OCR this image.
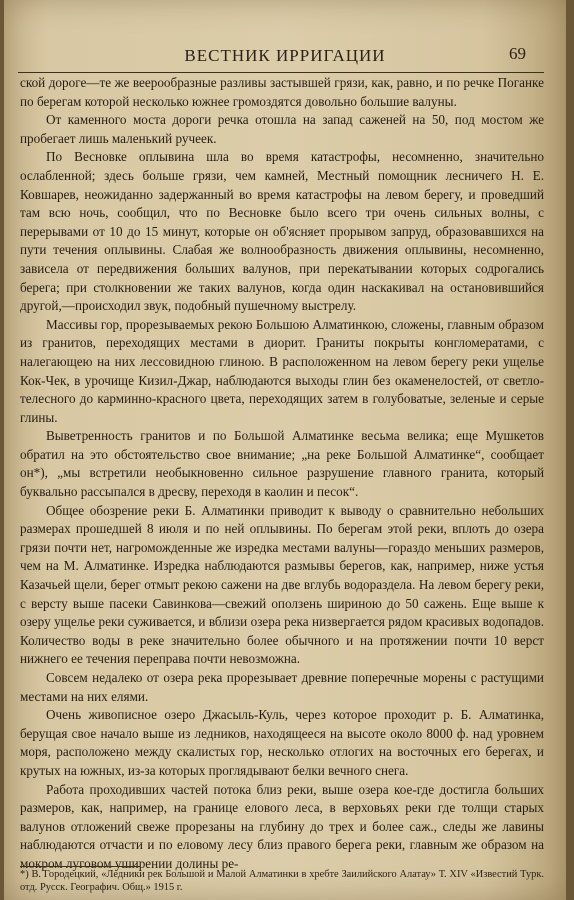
ВЕСТНИК ИРРИГАЦИИ	69

ской дороге—те же веерообразные разливы застывшей грязи, как, равно, и по речке Поганке по берегам которой несколько южнее громоздятся довольно большие валуны.

От каменного моста дороги речка отошла на запад саженей на 50, под мостом же пробегает лишь маленький ручеек.

По Весновке оплывина шла во время катастрофы, несомненно, значительно ослабленной; здесь больше грязи, чем камней, Местный помощник лесничего Н. Е. Ковшарев, неожиданно задержанный во время катастрофы на левом берегу, и проведший там всю ночь, сообщил, что по Весновке было всего три очень сильных волны, с перерывами от 10 до 15 минут, которые он об'ясняет прорывом запруд, образовавшихся на пути течения оплывины. Слабая же волнообразность движения оплывины, несомненно, зависела от передвижения больших валунов, при перекатывании которых содрогались берега; при столкновении же таких валунов, когда один наскакивал на остановившийся другой,—происходил звук, подобный пушечному выстрелу.

Массивы гор, прорезываемых рекою Большою Алматинкою, сложены, главным образом из гранитов, переходящих местами в диорит. Граниты покрыты конгломератами, с налегающею на них лессовидною глиною. В расположенном на левом берегу реки ущелье Кок-Чек, в урочище Кизил-Джар, наблюдаются выходы глин без окаменелостей, от светло-телесного до карминно-красного цвета, переходящих затем в голубоватые, зеленые и серые глины.

Выветренность гранитов и по Большой Алматинке весьма велика; еще Мушкетов обратил на это обстоятельство свое внимание; „на реке Большой Алматинке“, сообщает он*), „мы встретили необыкновенно сильное разрушение главного гранита, который буквально рассыпался в дресву, переходя в каолин и песок“.

Общее обозрение реки Б. Алматинки приводит к выводу о сравнительно небольших размерах прошедшей 8 июля и по ней оплывины. По берегам этой реки, вплоть до озера грязи почти нет, нагроможденные же изредка местами валуны—гораздо меньших размеров, чем на М. Алматинке. Изредка наблюдаются размывы берегов, как, например, ниже устья Казачьей щели, берег отмыт рекою сажени на две вглубь водораздела. На левом берегу реки, с версту выше пасеки Савинкова—свежий оползень шириною до 50 сажень. Еще выше к озеру ущелье реки суживается, и вблизи озера река низвергается рядом красивых водопадов. Количество воды в реке значительно более обычного и на протяжении почти 10 верст нижнего ее течения переправа почти невозможна.

Совсем недалеко от озера река прорезывает древние поперечные морены с растущими местами на них елями.

Очень живописное озеро Джасыль-Куль, через которое проходит р. Б. Алматинка, берущая свое начало выше из ледников, находящееся на высоте около 8000 ф. над уровнем моря, расположено между скалистых гор, несколько отлогих на восточных его берегах, и крутых на южных, из-за которых проглядывают белки вечного снега.

Работа проходивших частей потока близ реки, выше озера кое-где достигла больших размеров, как, например, на границе елового леса, в верховьях реки где толщи старых валунов отложений свеже прорезаны на глубину до трех и более саж., следы же лавины наблюдаются отчасти и по еловому лесу близ правого берега реки, главным же образом на мокром луговом уширении долины ре-

*) В. Городецкий, «Ледники рек Большой и Малой Алматинки в хребте Заилийского Алатау» Т. XIV «Известий Турк. отд. Русск. Географич. Общ.» 1915 г.
